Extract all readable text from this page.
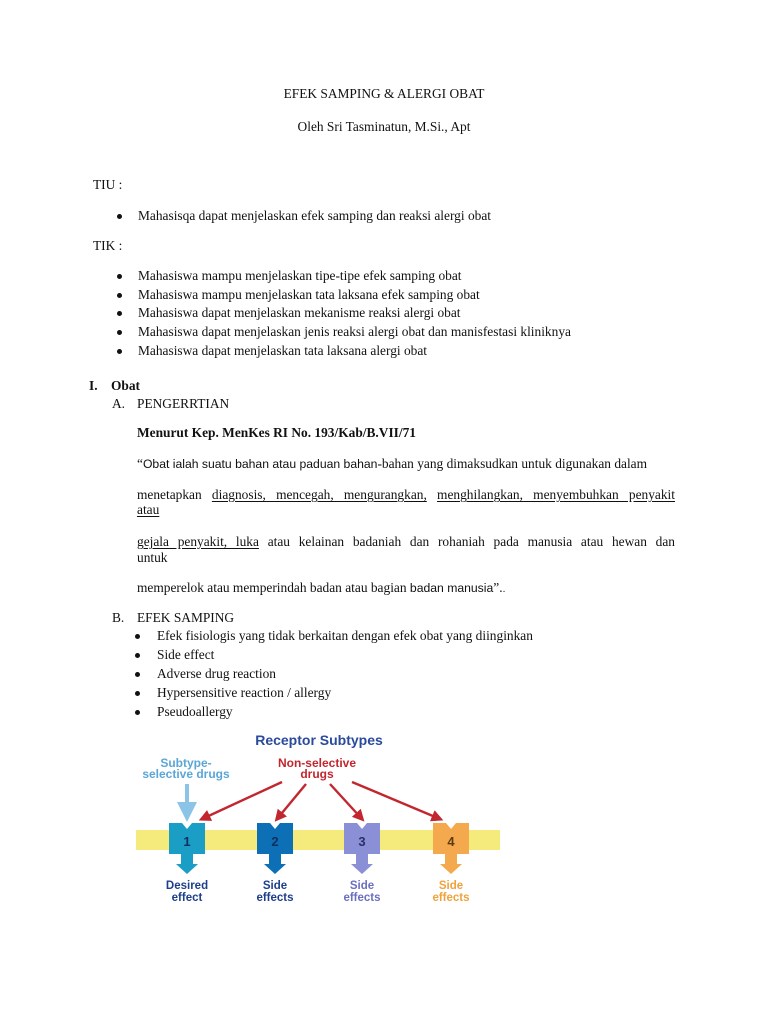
EFEK SAMPING & ALERGI OBAT
Oleh Sri Tasminatun, M.Si., Apt
TIU :
Mahasisqa dapat menjelaskan efek samping dan reaksi alergi obat
TIK :
Mahasiswa mampu menjelaskan tipe-tipe efek samping obat
Mahasiswa mampu menjelaskan tata laksana efek samping obat
Mahasiswa dapat menjelaskan mekanisme reaksi alergi obat
Mahasiswa dapat menjelaskan jenis reaksi alergi obat dan manisfestasi kliniknya
Mahasiswa dapat menjelaskan tata laksana alergi obat
I. Obat
A. PENGERRTIAN
Menurut Kep. MenKes RI No. 193/Kab/B.VII/71
“Obat ialah suatu bahan atau paduan bahan-bahan yang dimaksudkan untuk digunakan dalam
menetapkan diagnosis, mencegah, mengurangkan, menghilangkan, menyembuhkan penyakit
atau
gejala penyakit, luka atau kelainan badaniah dan rohaniah pada manusia atau hewan dan
untuk
memperelok atau memperindah badan atau bagian badan manusia”..
B. EFEK SAMPING
Efek fisiologis yang tidak berkaitan dengan efek obat yang diinginkan
Side effect
Adverse drug reaction
Hypersensitive reaction / allergy
Pseudoallergy
Receptor Subtypes
Subtype-
selective drugs
Non-selective
drugs
1
Desired
effect
2
Side
effects
3
Side
effects
4
Side
effects
